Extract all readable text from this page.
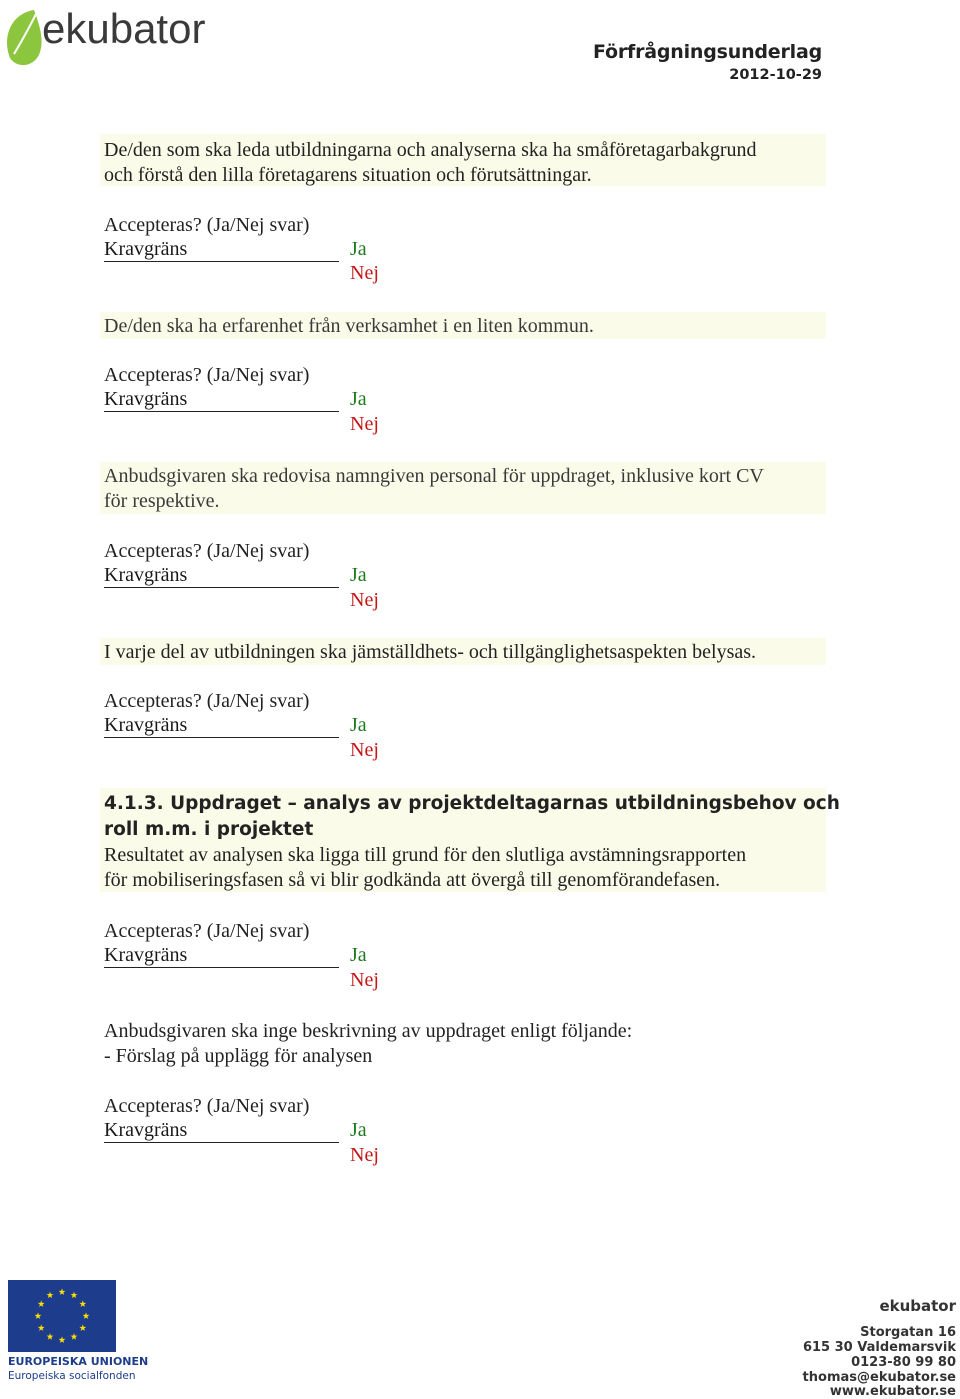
ekubator	Förfrågningsunderlag
2012-10-29
De/den som ska leda utbildningarna och analyserna ska ha småföretagarbakgrund
och förstå den lilla företagarens situation och förutsättningar.
Accepteras? (Ja/Nej svar)
Kravgräns	Ja
Nej
De/den ska ha erfarenhet från verksamhet i en liten kommun.
Accepteras? (Ja/Nej svar)
Kravgräns	Ja
Nej
Anbudsgivaren ska redovisa namngiven personal för uppdraget, inklusive kort CV
för respektive.
Accepteras? (Ja/Nej svar)
Kravgräns	Ja
Nej
I varje del av utbildningen ska jämställdhets- och tillgänglighetsaspekten belysas.
Accepteras? (Ja/Nej svar)
Kravgräns	Ja
Nej
4.1.3. Uppdraget – analys av projektdeltagarnas utbildningsbehov och
roll m.m. i projektet
Resultatet av analysen ska ligga till grund för den slutliga avstämningsrapporten
för mobiliseringsfasen så vi blir godkända att övergå till genomförandefasen.
Accepteras? (Ja/Nej svar)
Kravgräns	Ja
Nej
Anbudsgivaren ska inge beskrivning av uppdraget enligt följande:
- Förslag på upplägg för analysen
Accepteras? (Ja/Nej svar)
Kravgräns	Ja
Nej
EUROPEISKA UNIONEN
Europeiska socialfonden
ekubator
Storgatan 16
615 30 Valdemarsvik
0123-80 99 80
thomas@ekubator.se
www.ekubator.se
